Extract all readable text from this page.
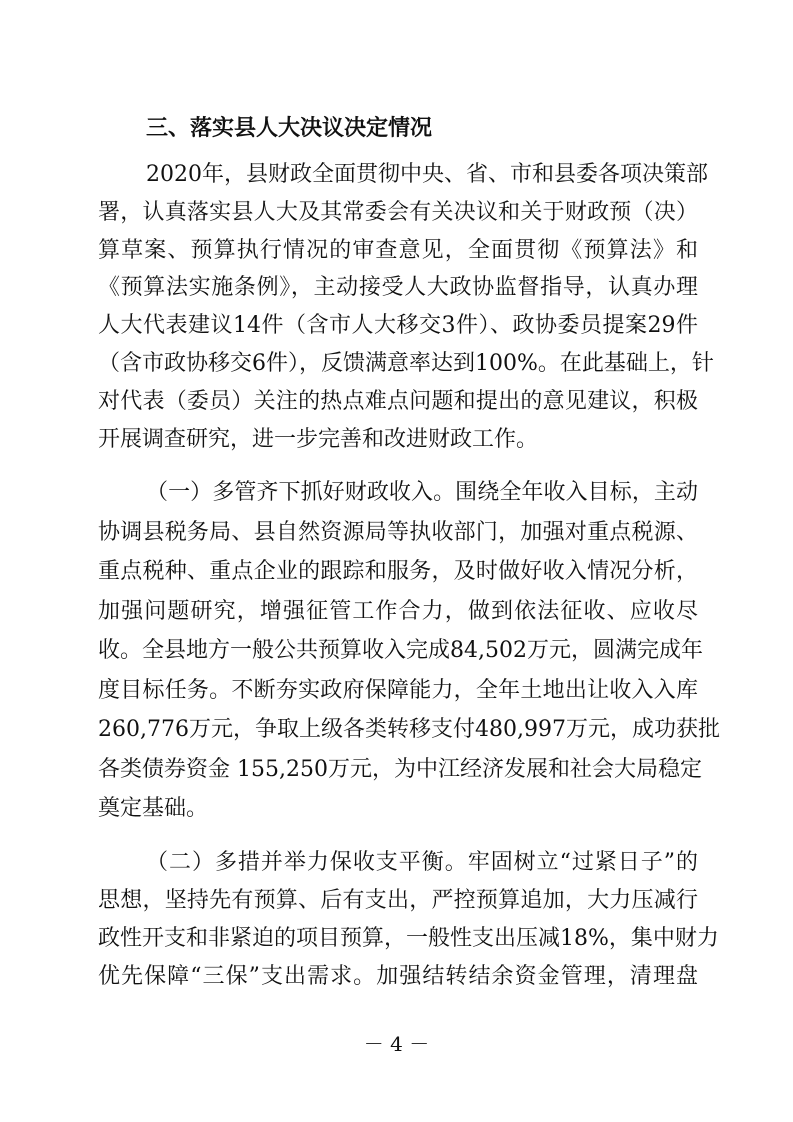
三、落实县人大决议决定情况
2020年，县财政全面贯彻中央、省、市和县委各项决策部
署，认真落实县人大及其常委会有关决议和关于财政预（决）
算草案、预算执行情况的审查意见，全面贯彻《预算法》和
《预算法实施条例》，主动接受人大政协监督指导，认真办理
人大代表建议14件（含市人大移交3件）、政协委员提案29件
（含市政协移交6件），反馈满意率达到100%。在此基础上，针
对代表（委员）关注的热点难点问题和提出的意见建议，积极
开展调查研究，进一步完善和改进财政工作。
（一）多管齐下抓好财政收入。围绕全年收入目标，主动
协调县税务局、县自然资源局等执收部门，加强对重点税源、
重点税种、重点企业的跟踪和服务，及时做好收入情况分析，
加强问题研究，增强征管工作合力，做到依法征收、应收尽
收。全县地方一般公共预算收入完成84,502万元，圆满完成年
度目标任务。不断夯实政府保障能力，全年土地出让收入入库
260,776万元，争取上级各类转移支付480,997万元，成功获批
各类债券资金 155,250万元，为中江经济发展和社会大局稳定
奠定基础。
（二）多措并举力保收支平衡。牢固树立“过紧日子”的
思想，坚持先有预算、后有支出，严控预算追加，大力压减行
政性开支和非紧迫的项目预算，一般性支出压减18%，集中财力
优先保障“三保”支出需求。加强结转结余资金管理，清理盘
－ 4 －
